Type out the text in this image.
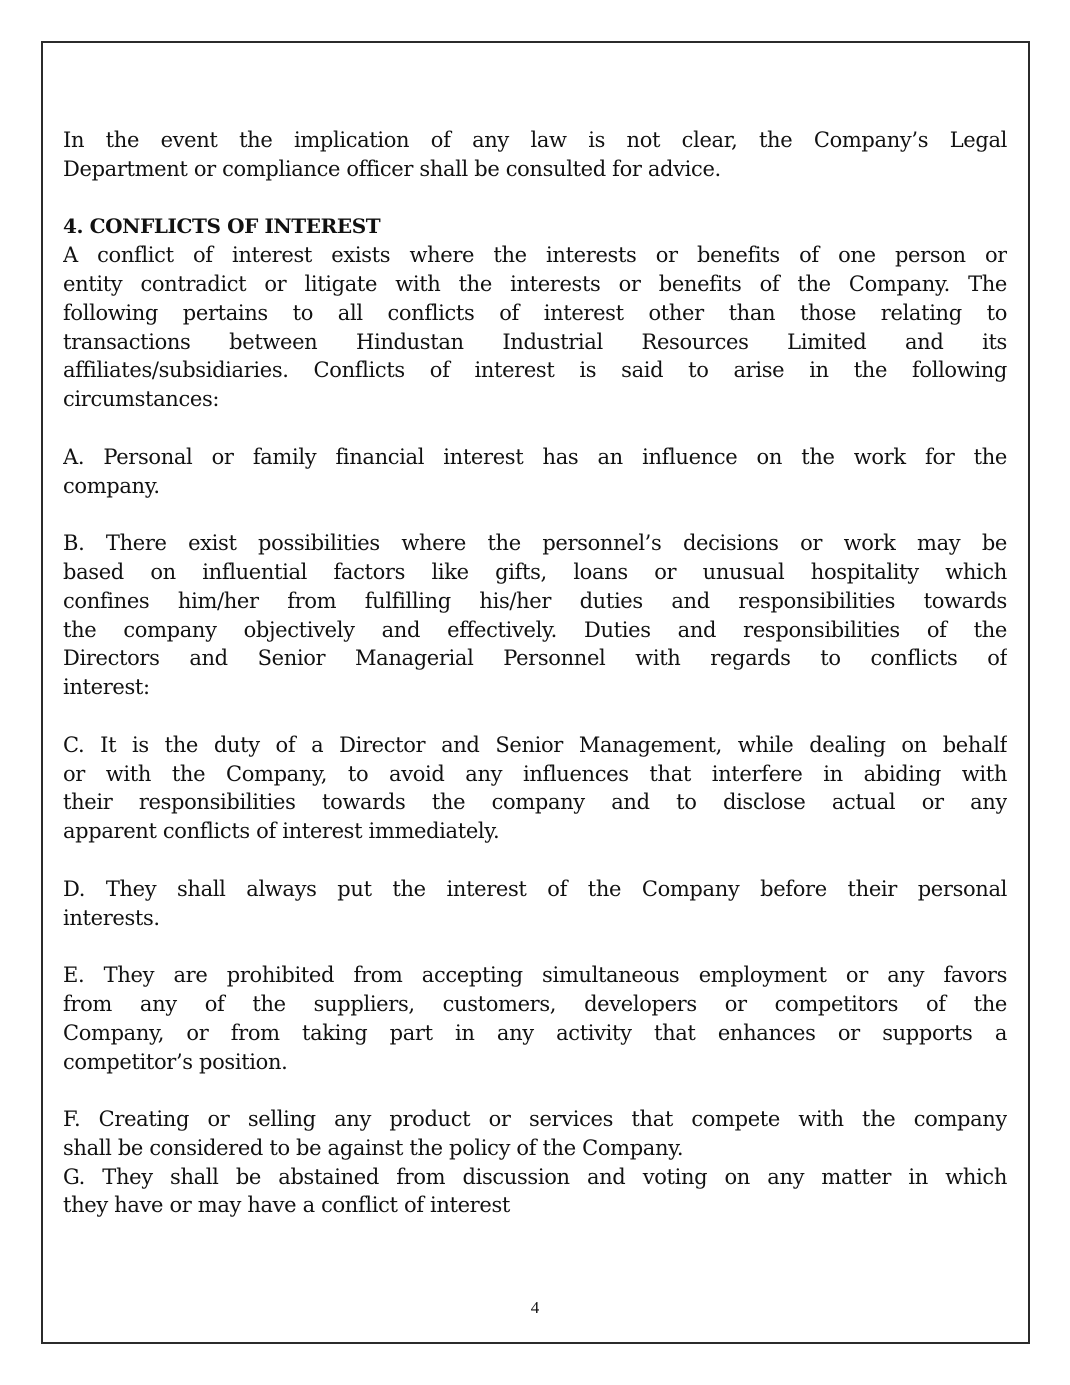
In the event the implication of any law is not clear, the Company’s Legal
Department or compliance officer shall be consulted for advice.
4. CONFLICTS OF INTEREST
A conflict of interest exists where the interests or benefits of one person or
entity contradict or litigate with the interests or benefits of the Company. The
following pertains to all conflicts of interest other than those relating to
transactions between Hindustan Industrial Resources Limited and its
affiliates/subsidiaries. Conflicts of interest is said to arise in the following
circumstances:
A. Personal or family financial interest has an influence on the work for the
company.
B. There exist possibilities where the personnel’s decisions or work may be
based on influential factors like gifts, loans or unusual hospitality which
confines him/her from fulfilling his/her duties and responsibilities towards
the company objectively and effectively. Duties and responsibilities of the
Directors and Senior Managerial Personnel with regards to conflicts of
interest:
C. It is the duty of a Director and Senior Management, while dealing on behalf
or with the Company, to avoid any influences that interfere in abiding with
their responsibilities towards the company and to disclose actual or any
apparent conflicts of interest immediately.
D. They shall always put the interest of the Company before their personal
interests.
E. They are prohibited from accepting simultaneous employment or any favors
from any of the suppliers, customers, developers or competitors of the
Company, or from taking part in any activity that enhances or supports a
competitor’s position.
F. Creating or selling any product or services that compete with the company
shall be considered to be against the policy of the Company.
G. They shall be abstained from discussion and voting on any matter in which
they have or may have a conflict of interest
4
